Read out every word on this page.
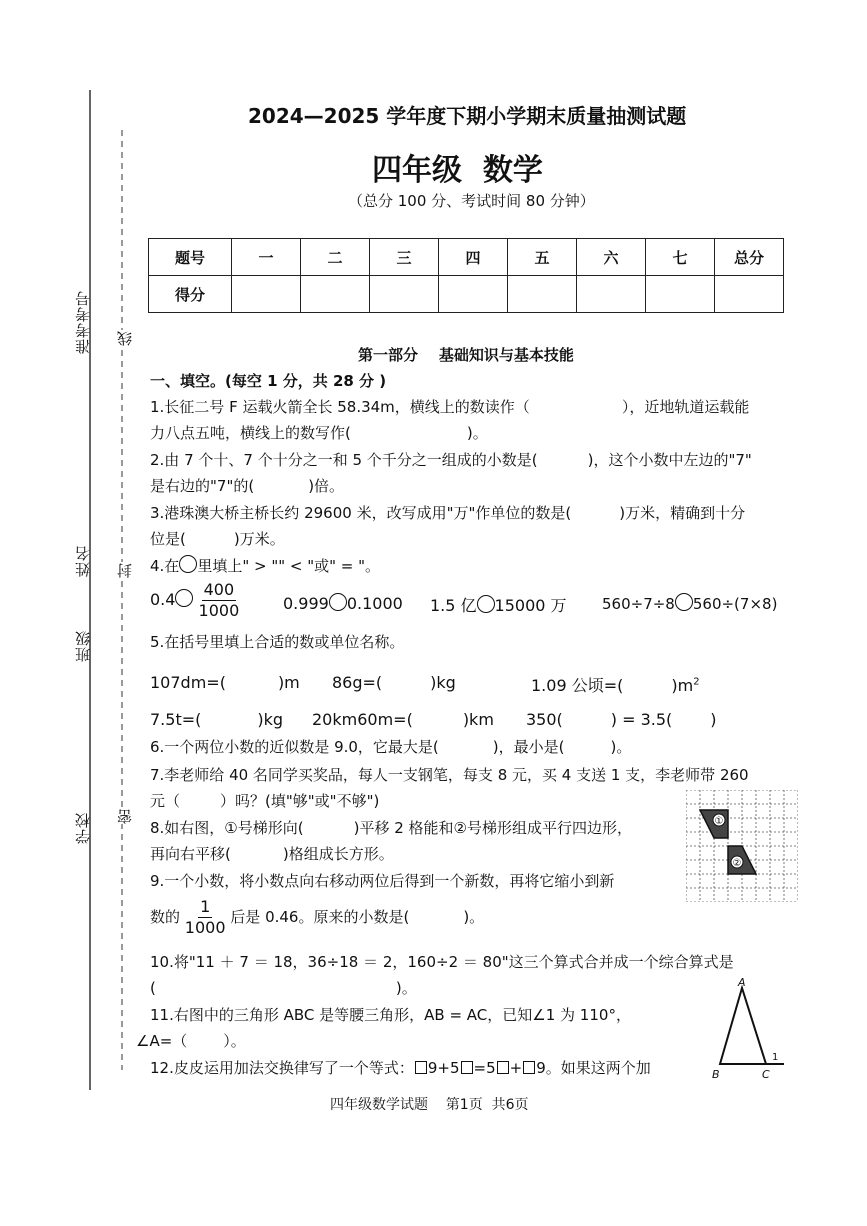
准考考号
姓名
班级
学校
线
封
密
2024—2025 学年度下期小学期末质量抽测试题
四年级  数学
（总分 100 分、考试时间 80 分钟）
题号	一	二	三	四	五	六	七	总分
得分								
第一部分    基础知识与基本技能
一、填空。(每空 1 分，共 28 分 )
1.长征二号 F 运载火箭全长 58.34m，横线上的数读作（	），近地轨道运载能
力八点五吨，横线上的数写作(	)。
2.由 7 个十、7 个十分之一和 5 个千分之一组成的小数是(	)，这个小数中左边的"7"
是右边的"7"的(	)倍。
3.港珠澳大桥主桥长约 29600 米，改写成用"万"作单位的数是(	)万米，精确到十分
位是(	)万米。
4.在 里填上" > "" < "或" = "。
$0.4 \frac{400}{1000}$	0.999 0.1000 1.5 亿 15000 万 560÷7÷8 560÷(7×8)
5.在括号里填上合适的数或单位名称。
107dm=(	)m 86g=(	)kg	1.09 公顷=(	)$m^2$
7.5t=(	)kg 20km60m=(	)km 350(	) = 3.5( )
6.一个两位小数的近似数是 9.0，它最大是(	)，最小是(	)。
7.李老师给 40 名同学买奖品，每人一支钢笔，每支 8 元，买 4 支送 1 支，李老师带 260
元（	）吗？(填"够"或"不够")
8.如右图，①号梯形向(	)平移 2 格能和②号梯形组成平行四边形，
再向右平移(	)格组成长方形。
①
②
9.一个小数，将小数点向右移动两位后得到一个新数，再将它缩小到新
数的 $\frac{1}{1000}$ 后是 0.46。原来的小数是(	)。
10.将"11 ＋ 7 ＝ 18，36÷18 ＝ 2，160÷2 ＝ 80"这三个算式合并成一个综合算式是
(	)。
11.右图中的三角形 ABC 是等腰三角形，AB = AC，已知∠1 为 110°，
∠A=（ ）。
A
B	C
1
12.皮皮运用加法交换律写了一个等式： 9+5 =5 + 9。如果这两个加
四年级数学试题    第1页  共6页
